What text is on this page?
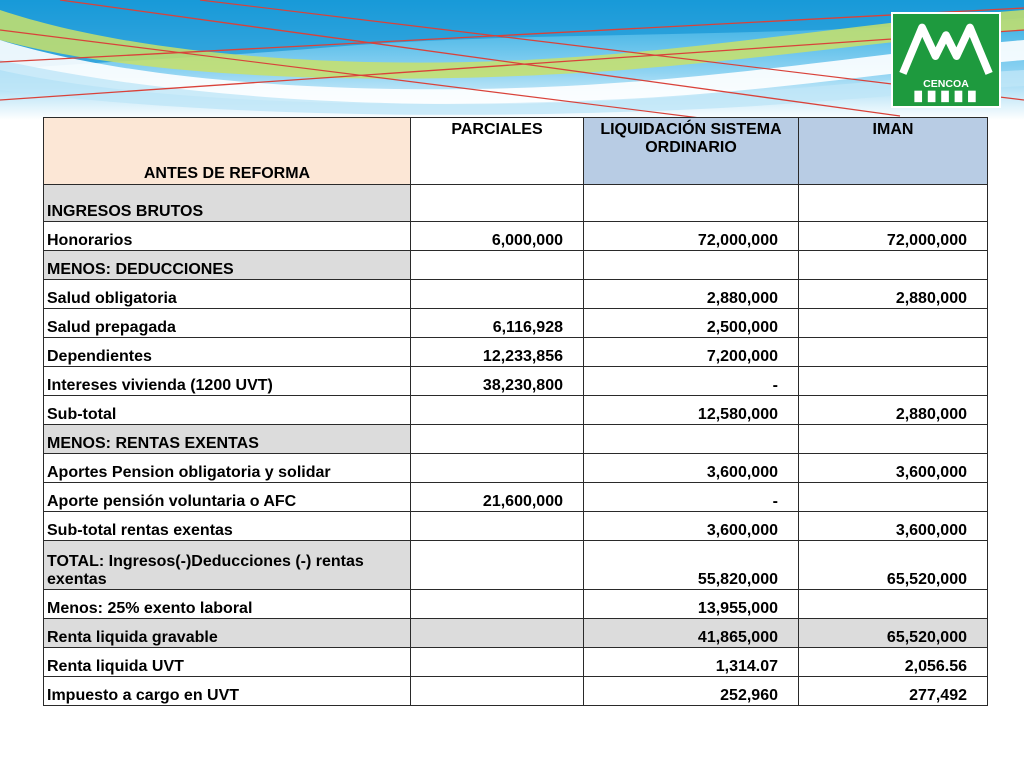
CENCOA
ANTES DE REFORMA	PARCIALES	LIQUIDACIÓN SISTEMA ORDINARIO	IMAN
INGRESOS BRUTOS			
Honorarios	6,000,000	72,000,000	72,000,000
MENOS: DEDUCCIONES			
Salud obligatoria		2,880,000	2,880,000
Salud prepagada	6,116,928	2,500,000	
Dependientes	12,233,856	7,200,000	
Intereses vivienda (1200 UVT)	38,230,800	-	
Sub-total		12,580,000	2,880,000
MENOS: RENTAS EXENTAS			
Aportes Pension obligatoria y solidar		3,600,000	3,600,000
Aporte pensión voluntaria o AFC	21,600,000	-	
Sub-total rentas exentas		3,600,000	3,600,000
TOTAL: Ingresos(-)Deducciones (-) rentas exentas		55,820,000	65,520,000
Menos: 25% exento laboral		13,955,000	
Renta liquida gravable		41,865,000	65,520,000
Renta liquida UVT		1,314.07	2,056.56
Impuesto a cargo en UVT		252,960	277,492
